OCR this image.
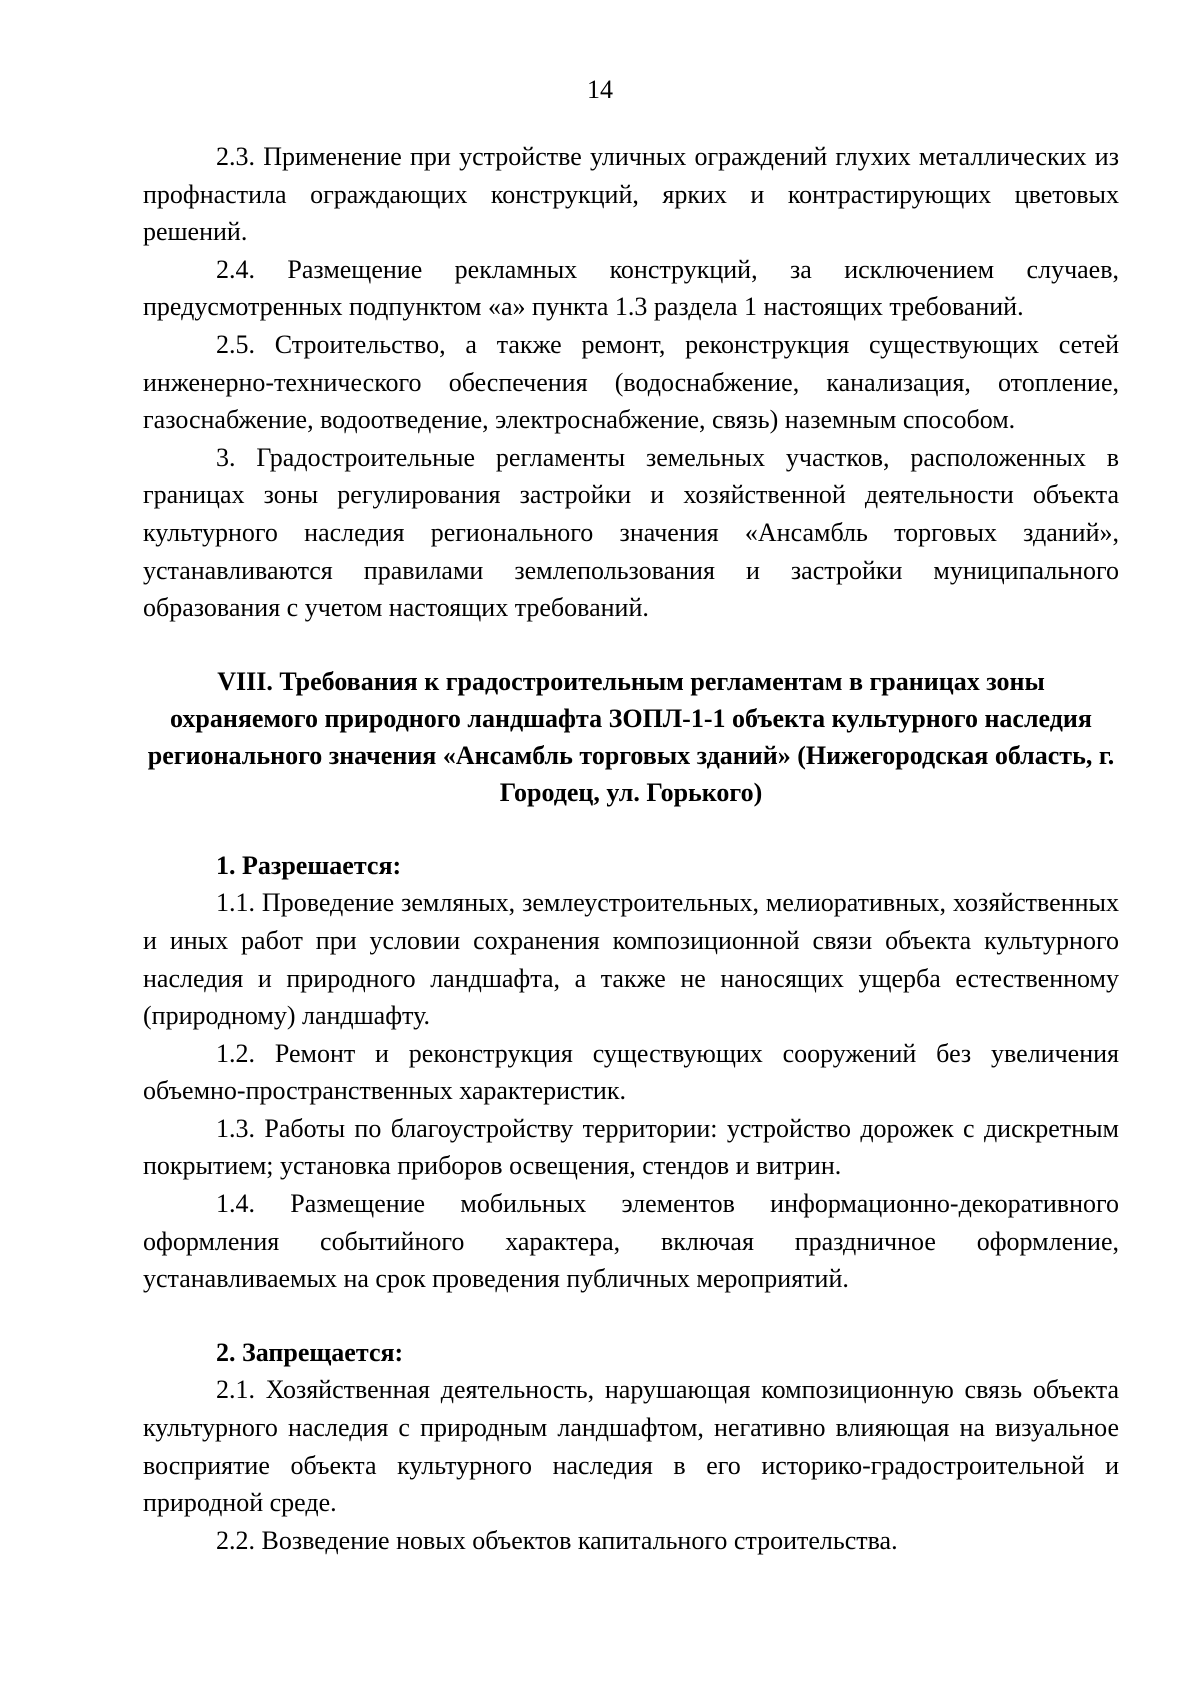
14

2.3. Применение при устройстве уличных ограждений глухих металлических из профнастила ограждающих конструкций, ярких и контрастирующих цветовых решений.

2.4. Размещение рекламных конструкций, за исключением случаев, предусмотренных подпунктом «а» пункта 1.3 раздела 1 настоящих требований.

2.5. Строительство, а также ремонт, реконструкция существующих сетей инженерно-технического обеспечения (водоснабжение, канализация, отопление, газоснабжение, водоотведение, электроснабжение, связь) наземным способом.

3. Градостроительные регламенты земельных участков, расположенных в границах зоны регулирования застройки и хозяйственной деятельности объекта культурного наследия регионального значения «Ансамбль торговых зданий», устанавливаются правилами землепользования и застройки муниципального образования с учетом настоящих требований.

VIII. Требования к градостроительным регламентам в границах зоны охраняемого природного ландшафта ЗОПЛ-1-1 объекта культурного наследия регионального значения «Ансамбль торговых зданий» (Нижегородская область, г. Городец, ул. Горького)

1. Разрешается:

1.1. Проведение земляных, землеустроительных, мелиоративных, хозяйственных и иных работ при условии сохранения композиционной связи объекта культурного наследия и природного ландшафта, а также не наносящих ущерба естественному (природному) ландшафту.

1.2. Ремонт и реконструкция существующих сооружений без увеличения объемно-пространственных характеристик.

1.3. Работы по благоустройству территории: устройство дорожек с дискретным покрытием; установка приборов освещения, стендов и витрин.

1.4. Размещение мобильных элементов информационно-декоративного оформления событийного характера, включая праздничное оформление, устанавливаемых на срок проведения публичных мероприятий.

2. Запрещается:

2.1. Хозяйственная деятельность, нарушающая композиционную связь объекта культурного наследия с природным ландшафтом, негативно влияющая на визуальное восприятие объекта культурного наследия в его историко-градостроительной и природной среде.

2.2. Возведение новых объектов капитального строительства.
